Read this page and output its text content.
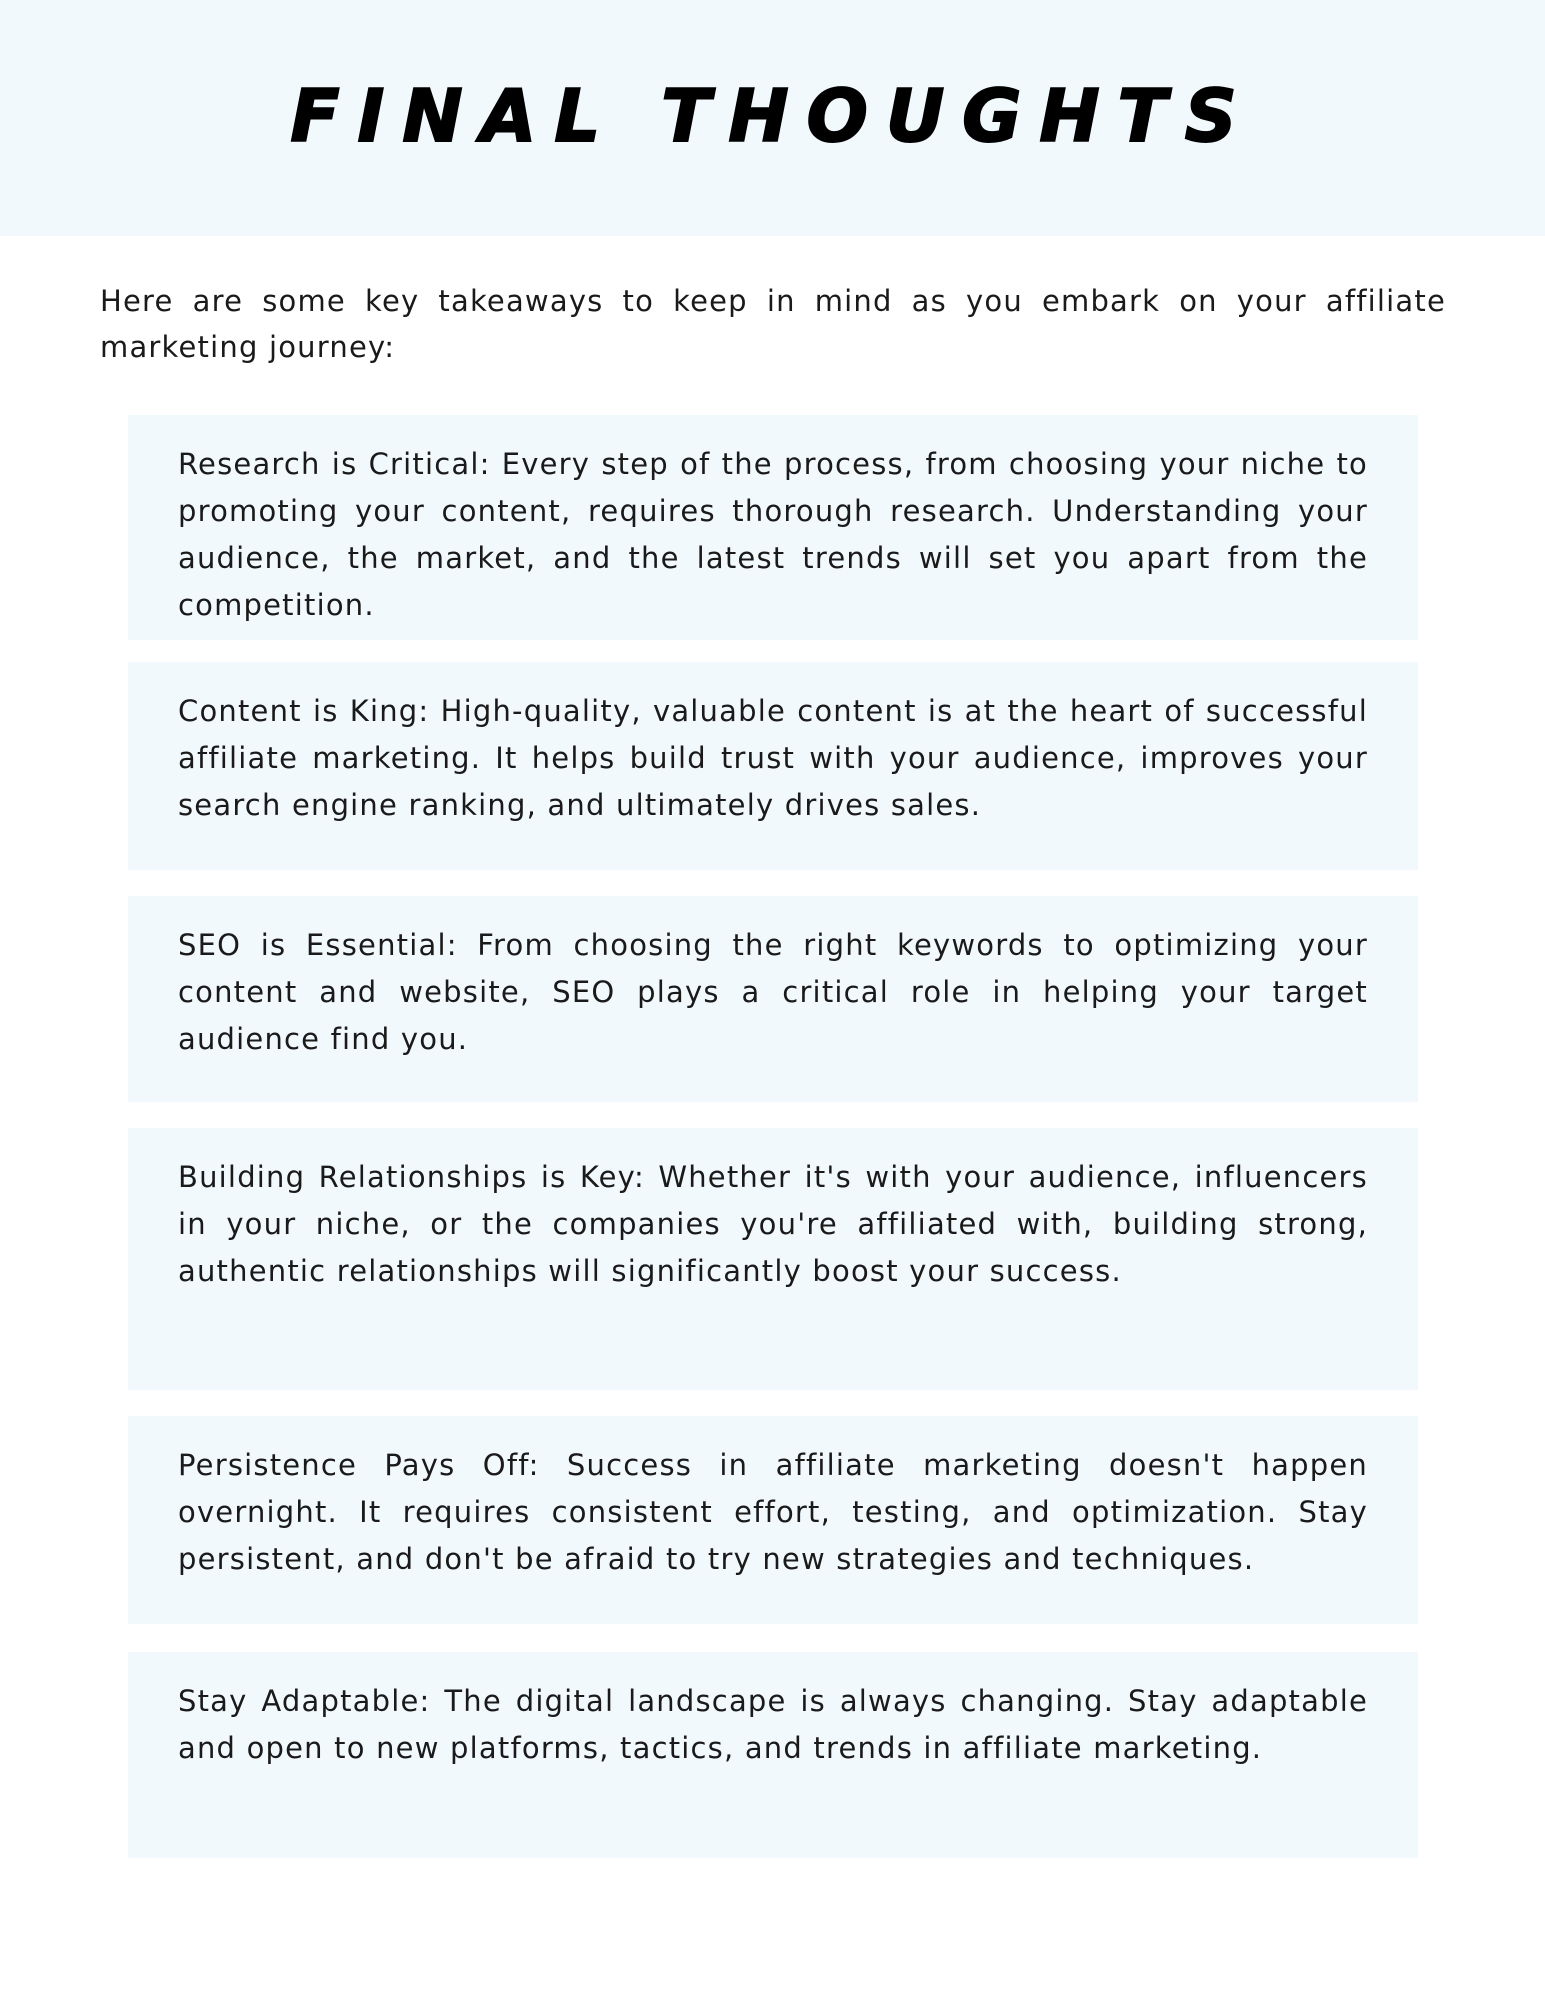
FINAL THOUGHTS

Here are some key takeaways to keep in mind as you embark on your affiliate marketing journey:

Research is Critical: Every step of the process, from choosing your niche to promoting your content, requires thorough research. Understanding your audience, the market, and the latest trends will set you apart from the competition.

Content is King: High-quality, valuable content is at the heart of successful affiliate marketing. It helps build trust with your audience, improves your search engine ranking, and ultimately drives sales.

SEO is Essential: From choosing the right keywords to optimizing your content and website, SEO plays a critical role in helping your target audience find you.

Building Relationships is Key: Whether it's with your audience, influencers in your niche, or the companies you're affiliated with, building strong, authentic relationships will significantly boost your success.

Persistence Pays Off: Success in affiliate marketing doesn't happen overnight. It requires consistent effort, testing, and optimization. Stay persistent, and don't be afraid to try new strategies and techniques.

Stay Adaptable: The digital landscape is always changing. Stay adaptable and open to new platforms, tactics, and trends in affiliate marketing.
